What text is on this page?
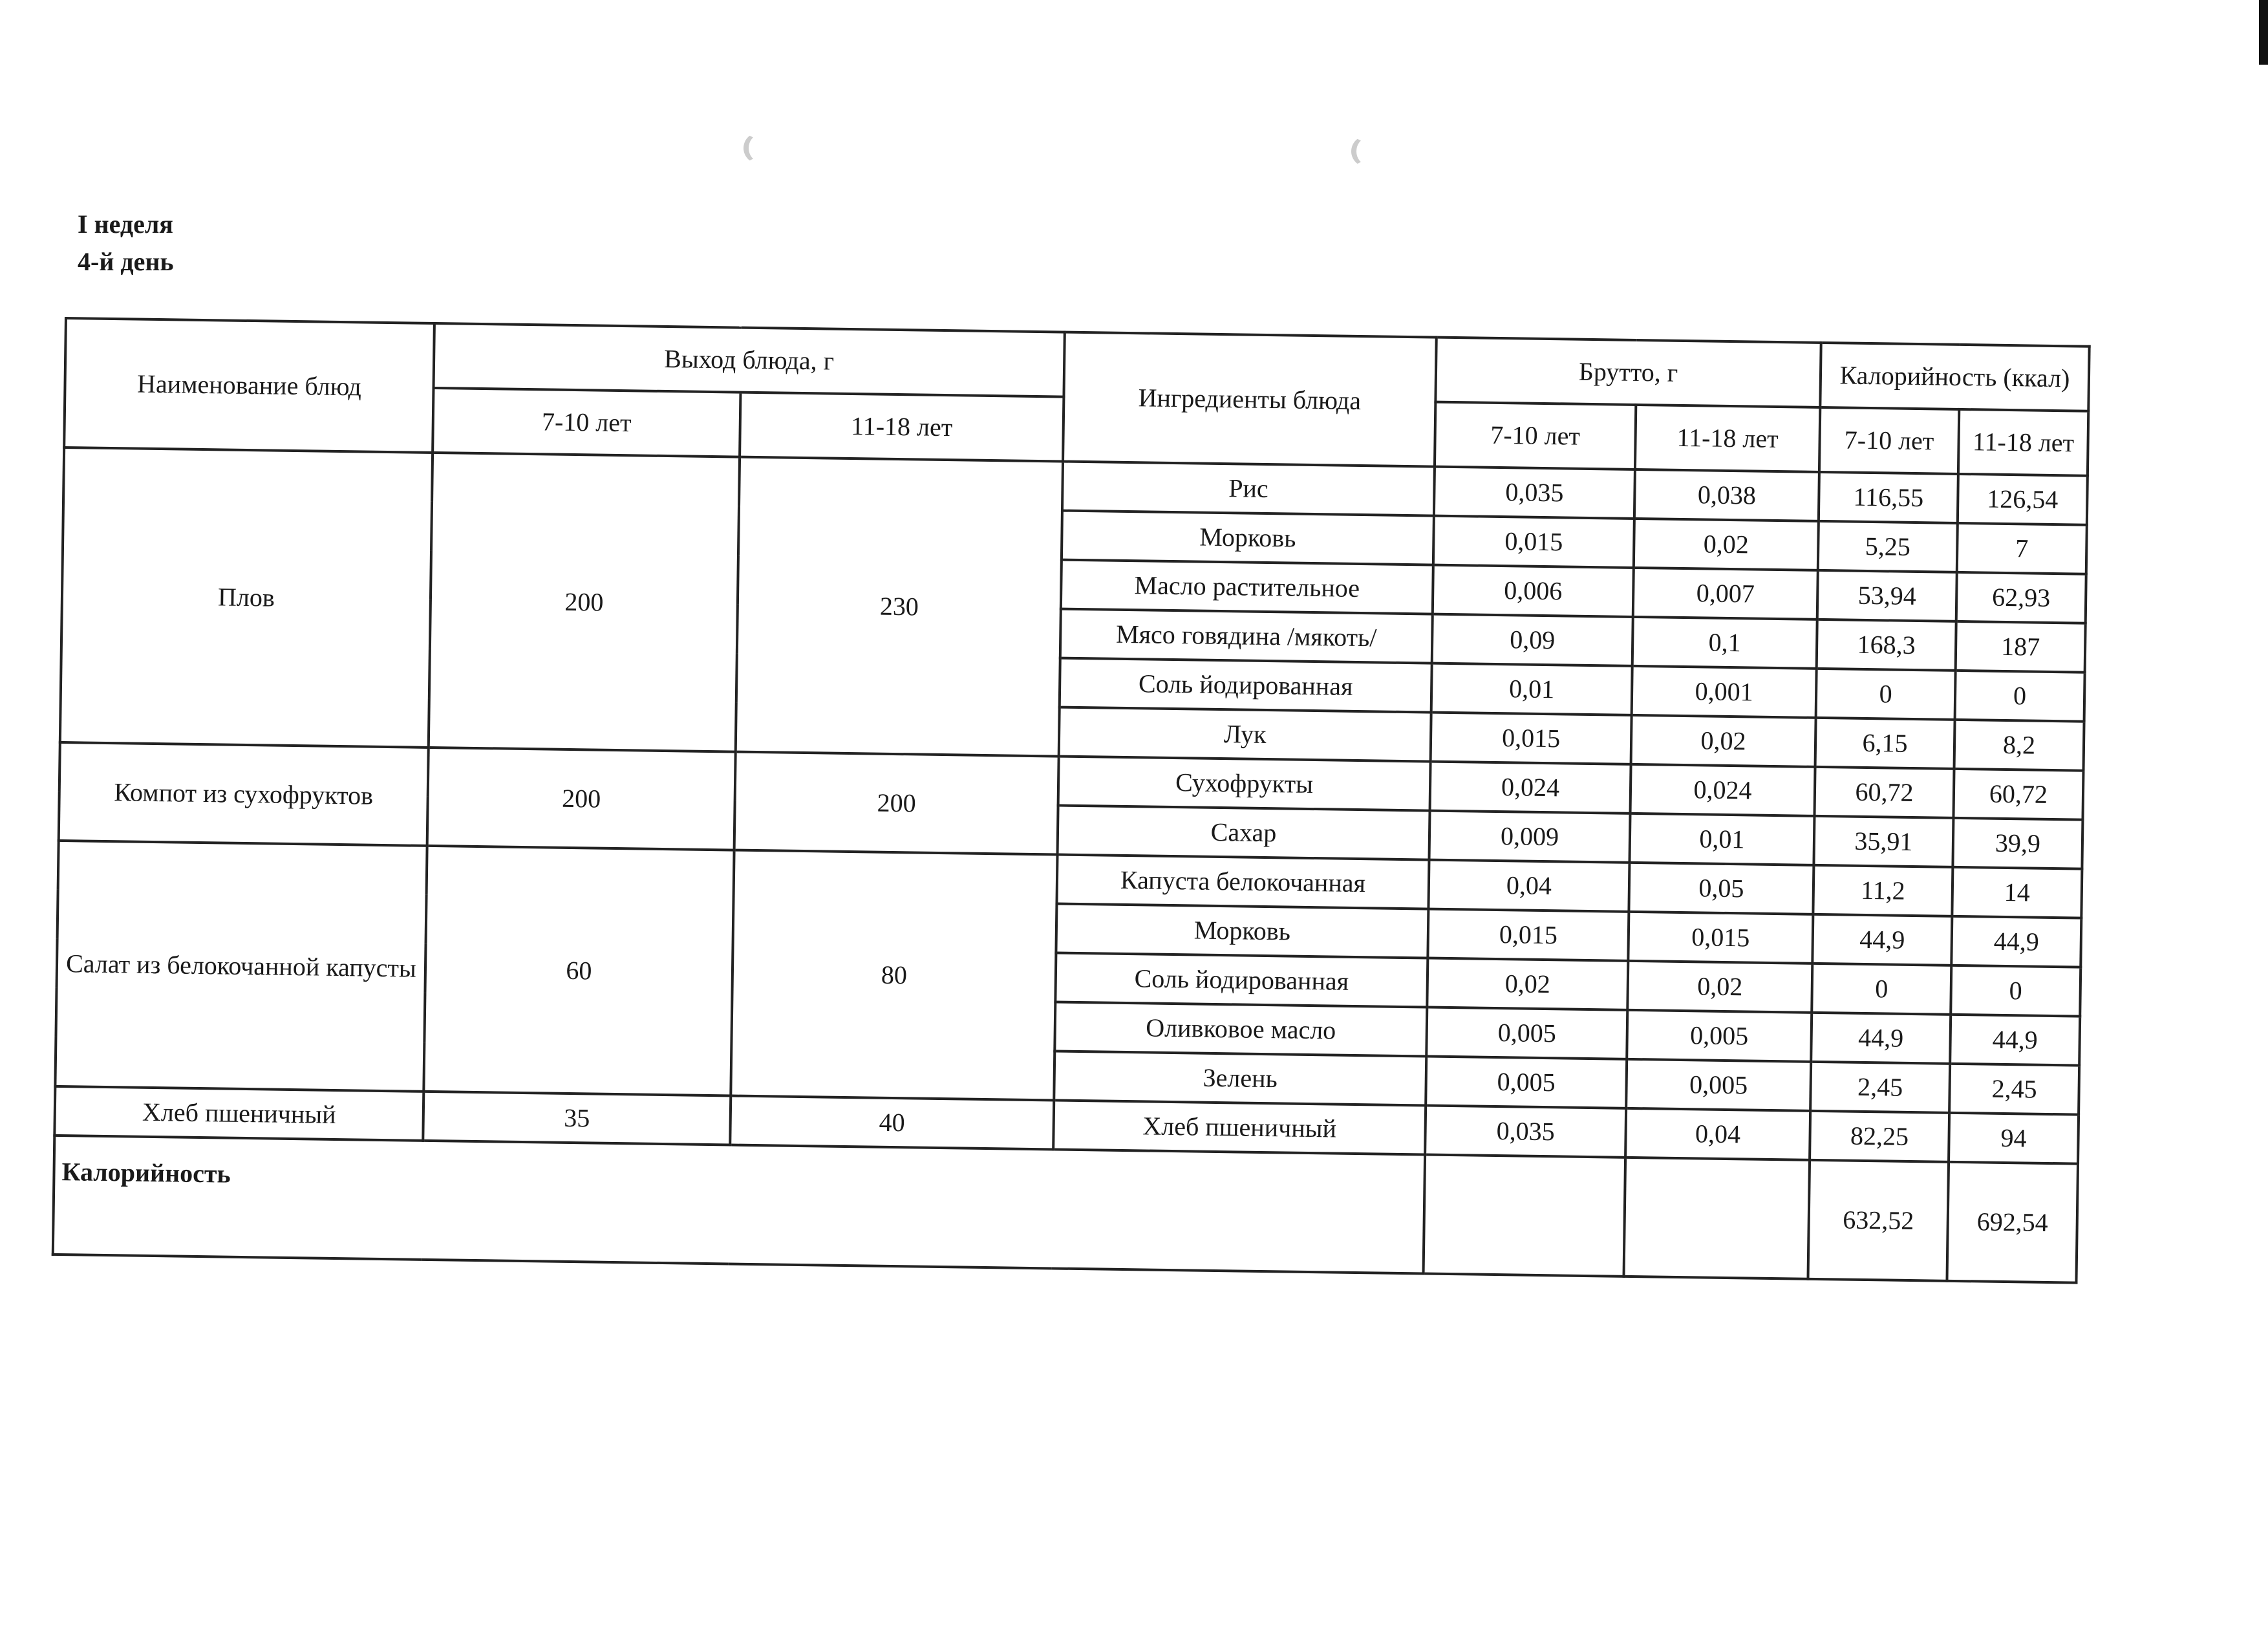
I неделя
4-й день
Наименование блюд	Выход блюда, г		Ингредиенты блюда	Брутто, г		Калорийность (ккал)	
	7-10 лет	11-18 лет		7-10 лет	11-18 лет	7-10 лет	11-18 лет
Плов	200	230	Рис	0,035	0,038	116,55	126,54
			Морковь	0,015	0,02	5,25	7
			Масло растительное	0,006	0,007	53,94	62,93
			Мясо говядина /мякоть/	0,09	0,1	168,3	187
			Соль йодированная	0,01	0,001	0	0
			Лук	0,015	0,02	6,15	8,2
Компот из сухофруктов	200	200	Сухофрукты	0,024	0,024	60,72	60,72
			Сахар	0,009	0,01	35,91	39,9
Салат из белокочанной капусты	60	80	Капуста белокочанная	0,04	0,05	11,2	14
			Морковь	0,015	0,015	44,9	44,9
			Соль йодированная	0,02	0,02	0	0
			Оливковое масло	0,005	0,005	44,9	44,9
			Зелень	0,005	0,005	2,45	2,45
Хлеб пшеничный	35	40	Хлеб пшеничный	0,035	0,04	82,25	94
Калорийность						632,52	692,54
